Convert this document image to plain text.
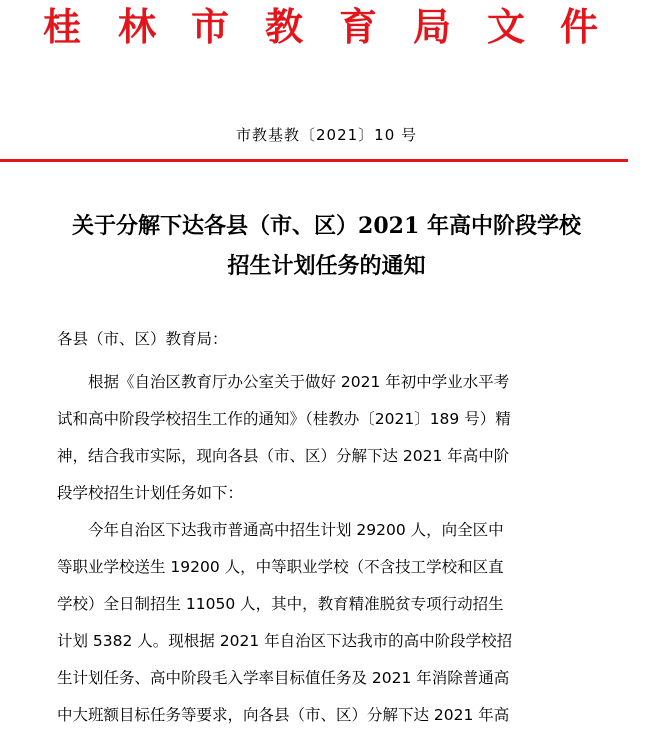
桂 林 市 教 育 局 文 件
市教基教〔2021〕10 号
关于分解下达各县（市、区）2021 年高中阶段学校
招生计划任务的通知
各县（市、区）教育局：
根据《自治区教育厅办公室关于做好 2021 年初中学业水平考
试和高中阶段学校招生工作的通知》（桂教办〔2021〕189 号）精
神，结合我市实际，现向各县（市、区）分解下达 2021 年高中阶
段学校招生计划任务如下：
今年自治区下达我市普通高中招生计划 29200 人，向全区中
等职业学校送生 19200 人，中等职业学校（不含技工学校和区直
学校）全日制招生 11050 人，其中，教育精准脱贫专项行动招生
计划 5382 人。现根据 2021 年自治区下达我市的高中阶段学校招
生计划任务、高中阶段毛入学率目标值任务及 2021 年消除普通高
中大班额目标任务等要求，向各县（市、区）分解下达 2021 年高
